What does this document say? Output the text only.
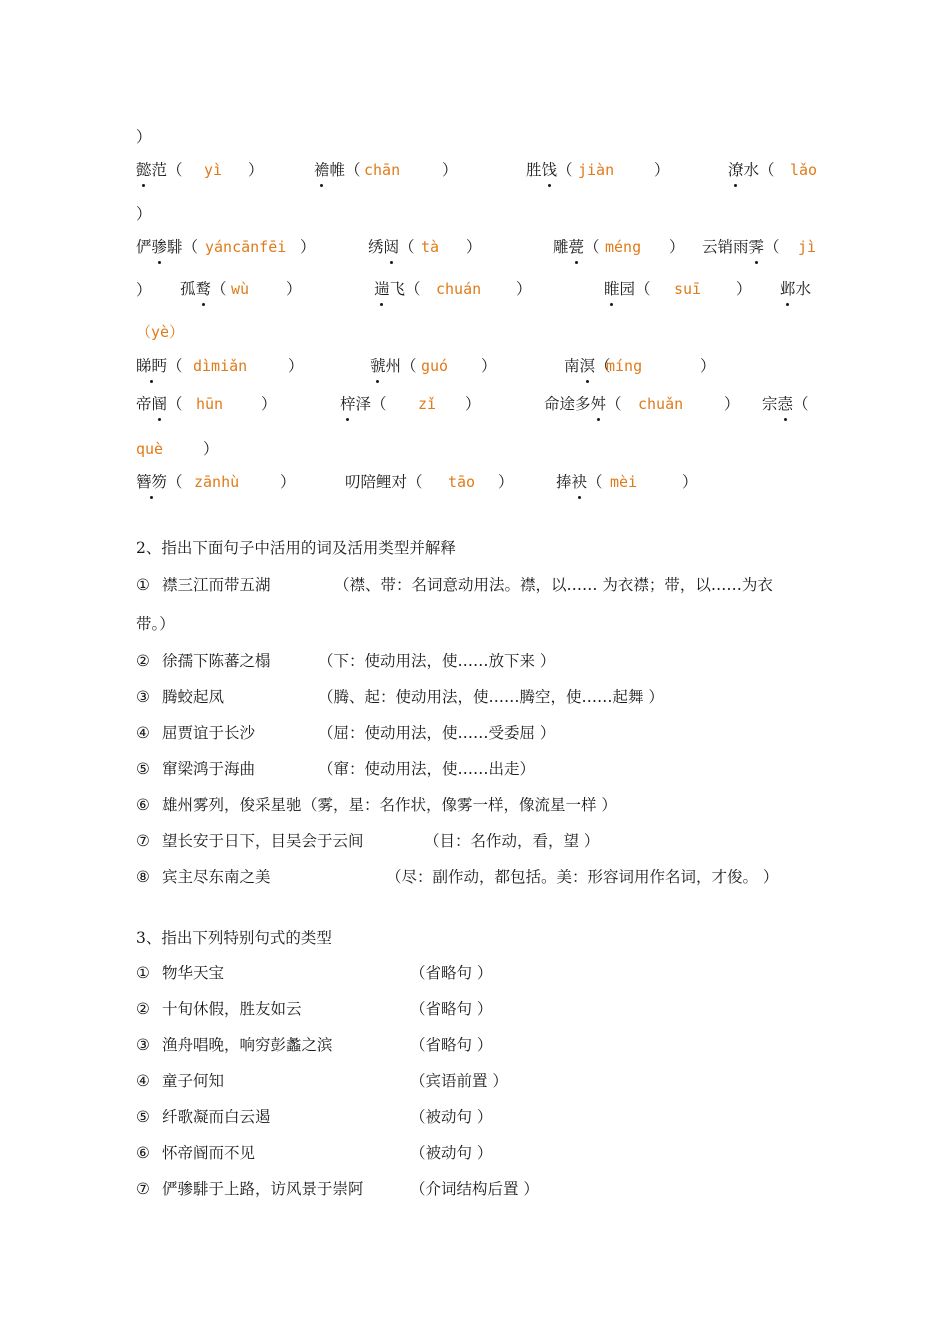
）
懿范（ yì ）	襜帷（ chān	）	胜饯（ jiàn	）	潦水（ lǎo
俨骖騑（ yáncānfēi ）	绣闼（ tà ）	雕甍（ méng ） 云销雨霁（ jì
孤鹜（ wù ）	遄飞（ chuán ）	睢园（ suī ） 邺水
睇眄（ dìmiǎn	）	虢州（ guó ）	南溟（
míng	）
帝阍（ hūn ）	梓泽（ zǐ ）	命途多舛（ chuǎn	） 宗悫（
簪笏（ zānhù	）	叨陪鲤对（ tāo ）	捧袂（ mèi	）
）
）
（yè）
què	）
2、指出下面句子中活用的词及活用类型并解释
① 襟三江而带五湖	（襟、带：名词意动用法。襟，以…… 为衣襟；带，以……为衣
带。）
② 徐孺下陈蕃之榻	（下：使动用法，使……放下来 ）
③ 腾蛟起凤	（腾、起：使动用法，使……腾空，使……起舞 ）
④ 屈贾谊于长沙	（屈：使动用法，使……受委屈 ）
⑤ 窜梁鸿于海曲	（窜：使动用法，使……出走）
⑥ 雄州雾列，俊采星驰 （雾，星：名作状，像雾一样，像流星一样 ）
⑦ 望长安于日下，目吴会于云间	（目：名作动，看，望 ）
⑧ 宾主尽东南之美	（尽：副作动，都包括。美：形容词用作名词，才俊。 ）
3、指出下列特别句式的类型
① 物华天宝	（省略句 ）
② 十旬休假，胜友如云	（省略句 ）
③ 渔舟唱晚，响穷彭蠡之滨	（省略句 ）
④ 童子何知	（宾语前置 ）
⑤ 纤歌凝而白云遏	（被动句 ）
⑥ 怀帝阍而不见	（被动句 ）
⑦ 俨骖騑于上路，访风景于崇阿	（介词结构后置 ）
